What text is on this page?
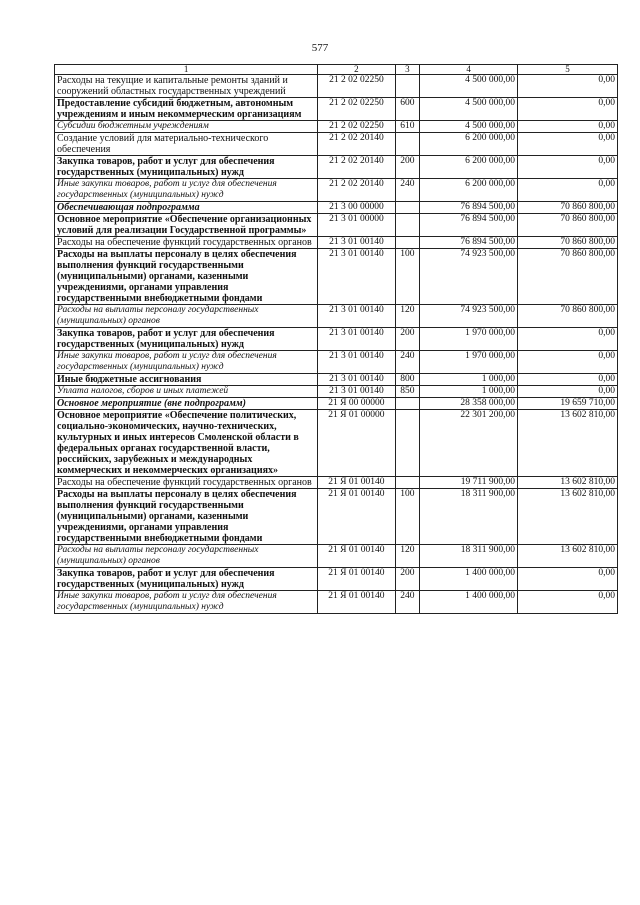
577
1	2	3	4	5
Расходы на текущие и капитальные ремонты зданий и сооружений областных государственных учреждений	21 2 02 02250		4 500 000,00	0,00
Предоставление субсидий бюджетным, автономным учреждениям и иным некоммерческим организациям	21 2 02 02250	600	4 500 000,00	0,00
Субсидии бюджетным учреждениям	21 2 02 02250	610	4 500 000,00	0,00
Создание условий для материально-технического обеспечения	21 2 02 20140		6 200 000,00	0,00
Закупка товаров, работ и услуг для обеспечения государственных (муниципальных) нужд	21 2 02 20140	200	6 200 000,00	0,00
Иные закупки товаров, работ и услуг для обеспечения государственных (муниципальных) нужд	21 2 02 20140	240	6 200 000,00	0,00
Обеспечивающая подпрограмма	21 3 00 00000		76 894 500,00	70 860 800,00
Основное мероприятие «Обеспечение организационных условий для реализации Государственной программы»	21 3 01 00000		76 894 500,00	70 860 800,00
Расходы на обеспечение функций государственных органов	21 3 01 00140		76 894 500,00	70 860 800,00
Расходы на выплаты персоналу в целях обеспечения выполнения функций государственными (муниципальными) органами, казенными учреждениями, органами управления государственными внебюджетными фондами	21 3 01 00140	100	74 923 500,00	70 860 800,00
Расходы на выплаты персоналу государственных (муниципальных) органов	21 3 01 00140	120	74 923 500,00	70 860 800,00
Закупка товаров, работ и услуг для обеспечения государственных (муниципальных) нужд	21 3 01 00140	200	1 970 000,00	0,00
Иные закупки товаров, работ и услуг для обеспечения государственных (муниципальных) нужд	21 3 01 00140	240	1 970 000,00	0,00
Иные бюджетные ассигнования	21 3 01 00140	800	1 000,00	0,00
Уплата налогов, сборов и иных платежей	21 3 01 00140	850	1 000,00	0,00
Основное мероприятие (вне подпрограмм)	21 Я 00 00000		28 358 000,00	19 659 710,00
Основное мероприятие «Обеспечение политических, социально-экономических, научно-технических, культурных и иных интересов Смоленской области в федеральных органах государственной власти, российских, зарубежных и международных коммерческих и некоммерческих организациях»	21 Я 01 00000		22 301 200,00	13 602 810,00
Расходы на обеспечение функций государственных органов	21 Я 01 00140		19 711 900,00	13 602 810,00
Расходы на выплаты персоналу в целях обеспечения выполнения функций государственными (муниципальными) органами, казенными учреждениями, органами управления государственными внебюджетными фондами	21 Я 01 00140	100	18 311 900,00	13 602 810,00
Расходы на выплаты персоналу государственных (муниципальных) органов	21 Я 01 00140	120	18 311 900,00	13 602 810,00
Закупка товаров, работ и услуг для обеспечения государственных (муниципальных) нужд	21 Я 01 00140	200	1 400 000,00	0,00
Иные закупки товаров, работ и услуг для обеспечения государственных (муниципальных) нужд	21 Я 01 00140	240	1 400 000,00	0,00
